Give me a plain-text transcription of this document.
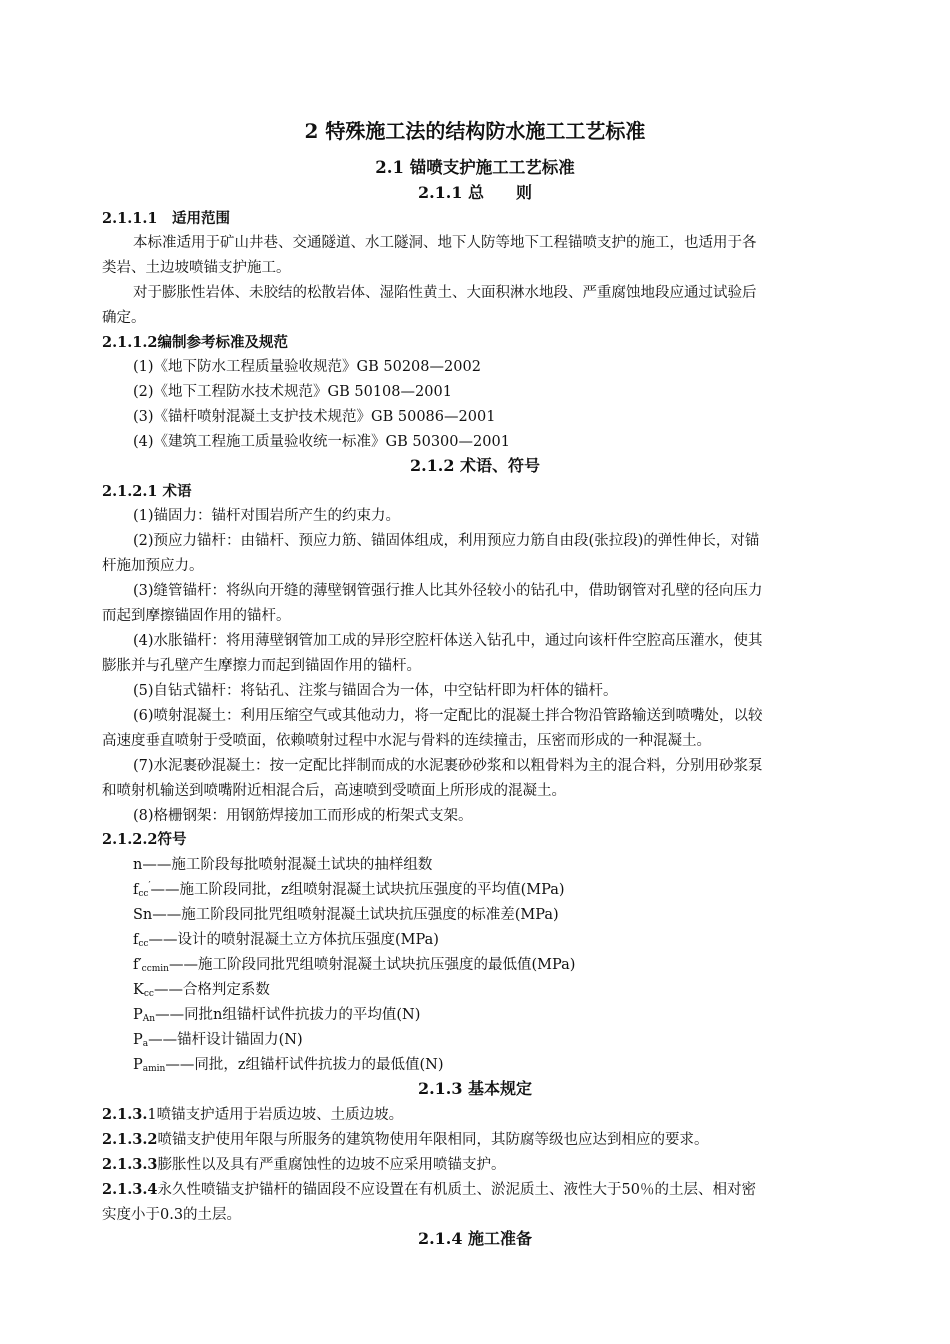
2 特殊施工法的结构防水施工工艺标准
2.1 锚喷支护施工工艺标准
2.1.1 总　　则
2.1.1.1　适用范围
本标准适用于矿山井巷、交通隧道、水工隧洞、地下人防等地下工程锚喷支护的施工，也适用于各
类岩、土边坡喷锚支护施工。
对于膨胀性岩体、未胶结的松散岩体、湿陷性黄土、大面积淋水地段、严重腐蚀地段应通过试验后
确定。
2.1.1.2编制参考标准及规范
(1)《地下防水工程质量验收规范》GB 50208—2002
(2)《地下工程防水技术规范》GB 50108—2001
(3)《锚杆喷射混凝土支护技术规范》GB 50086—2001
(4)《建筑工程施工质量验收统一标准》GB 50300—2001
2.1.2 术语、符号
2.1.2.1 术语
(1)锚固力：锚杆对围岩所产生的约束力。
(2)预应力锚杆：由锚杆、预应力筋、锚固体组成，利用预应力筋自由段(张拉段)的弹性伸长，对锚
杆施加预应力。
(3)缝管锚杆：将纵向开缝的薄壁钢管强行推人比其外径较小的钻孔中，借助钢管对孔壁的径向压力
而起到摩擦锚固作用的锚杆。
(4)水胀锚杆：将用薄壁钢管加工成的异形空腔杆体送入钻孔中，通过向该杆件空腔高压灌水，使其
膨胀并与孔壁产生摩擦力而起到锚固作用的锚杆。
(5)自钻式锚杆：将钻孔、注浆与锚固合为一体，中空钻杆即为杆体的锚杆。
(6)喷射混凝土：利用压缩空气或其他动力，将一定配比的混凝土拌合物沿管路输送到喷嘴处，以较
高速度垂直喷射于受喷面，依赖喷射过程中水泥与骨料的连续撞击，压密而形成的一种混凝土。
(7)水泥裹砂混凝土：按一定配比拌制而成的水泥裹砂砂浆和以粗骨料为主的混合料，分别用砂浆泵
和喷射机输送到喷嘴附近相混合后，高速喷到受喷面上所形成的混凝土。
(8)格栅钢架：用钢筋焊接加工而形成的桁架式支架。
2.1.2.2符号
n——施工阶段每批喷射混凝土试块的抽样组数
$f_{cc}'——$施工阶段同批，z组喷射混凝土试块抗压强度的平均值(MPa)
Sn——施工阶段同批咒组喷射混凝土试块抗压强度的标准差(MPa)
$f_{cc}——$设计的喷射混凝土立方体抗压强度(MPa)
$f'_{ccmin}——$施工阶段同批咒组喷射混凝土试块抗压强度的最低值(MPa)
$K_{cc}——$合格判定系数
$P_{An}——$同批n组锚杆试件抗拔力的平均值(N)
$P_a——$锚杆设计锚固力(N)
$P_{amin}——$同批，z组锚杆试件抗拔力的最低值(N)
2.1.3 基本规定
2.1.3.1喷锚支护适用于岩质边坡、土质边坡。
2.1.3.2喷锚支护使用年限与所服务的建筑物使用年限相同，其防腐等级也应达到相应的要求。
2.1.3.3膨胀性以及具有严重腐蚀性的边坡不应采用喷锚支护。
2.1.3.4永久性喷锚支护锚杆的锚固段不应设置在有机质土、淤泥质土、液性大于50％的土层、相对密
实度小于0.3的土层。
2.1.4 施工准备
